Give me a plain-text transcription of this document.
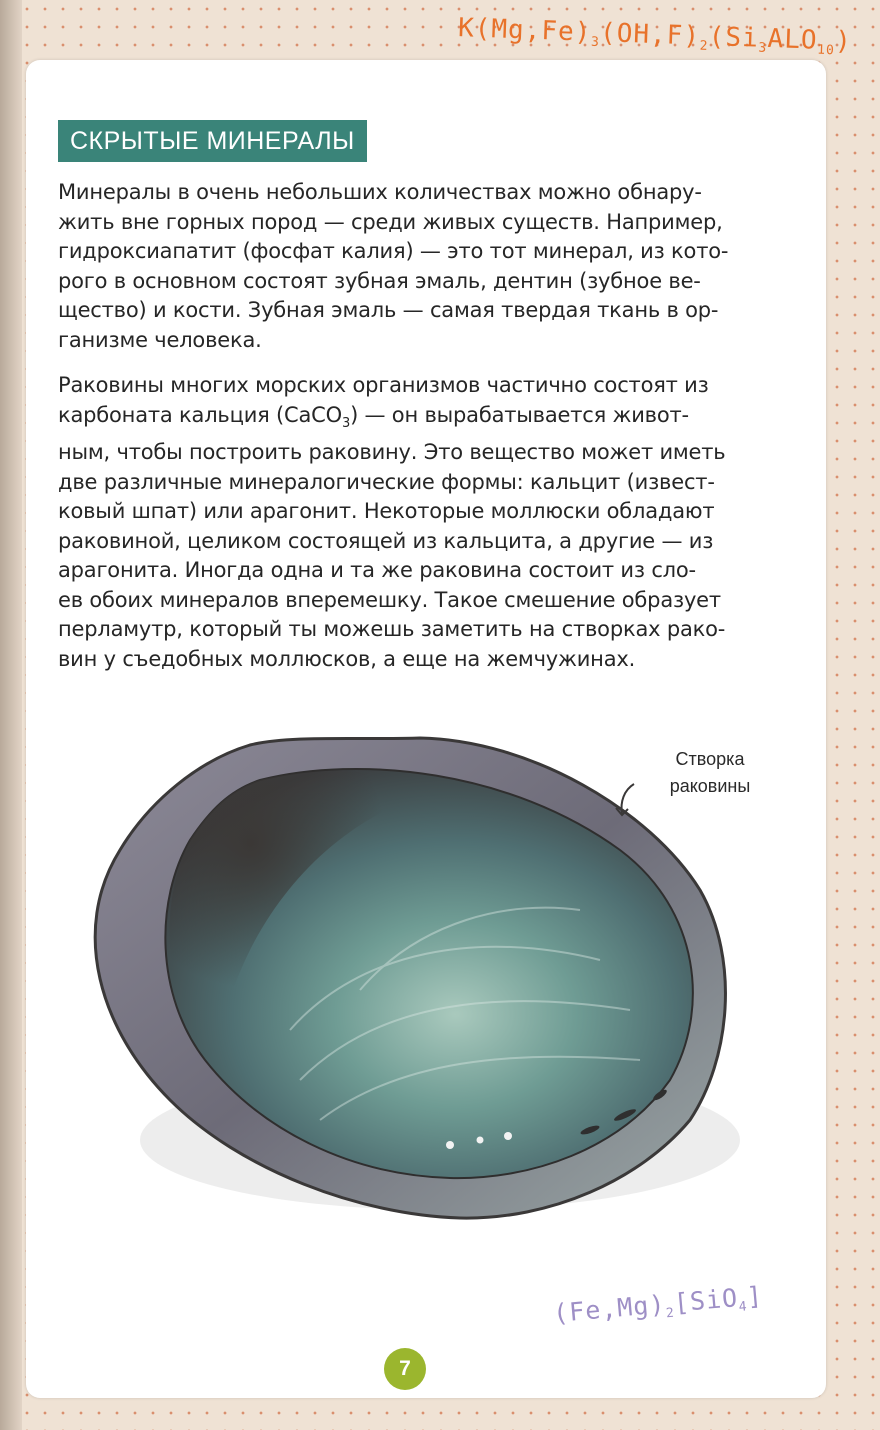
$K(Mg,Fe)_3(OH,F)_2(Si_3ALO_{10})$
СКРЫТЫЕ МИНЕРАЛЫ

Минералы в очень небольших количествах можно обнару-
жить вне горных пород — среди живых существ. Например,
гидроксиапатит (фосфат калия) — это тот минерал, из кото-
рого в основном состоят зубная эмаль, дентин (зубное ве-
щество) и кости. Зубная эмаль — самая твердая ткань в ор-
ганизме человека.

Раковины многих морских организмов частично состоят из
карбоната кальция (CaCO$_3$) — он вырабатывается живот-
ным, чтобы построить раковину. Это вещество может иметь
две различные минералогические формы: кальцит (извест-
ковый шпат) или арагонит. Некоторые моллюски обладают
раковиной, целиком состоящей из кальцита, а другие — из
арагонита. Иногда одна и та же раковина состоит из сло-
ев обоих минералов вперемешку. Такое смешение образует
перламутр, который ты можешь заметить на створках рако-
вин у съедобных моллюсков, а еще на жемчужинах.

Створка
раковины
$(Fe,Mg)_2[SiO_4]$
7
